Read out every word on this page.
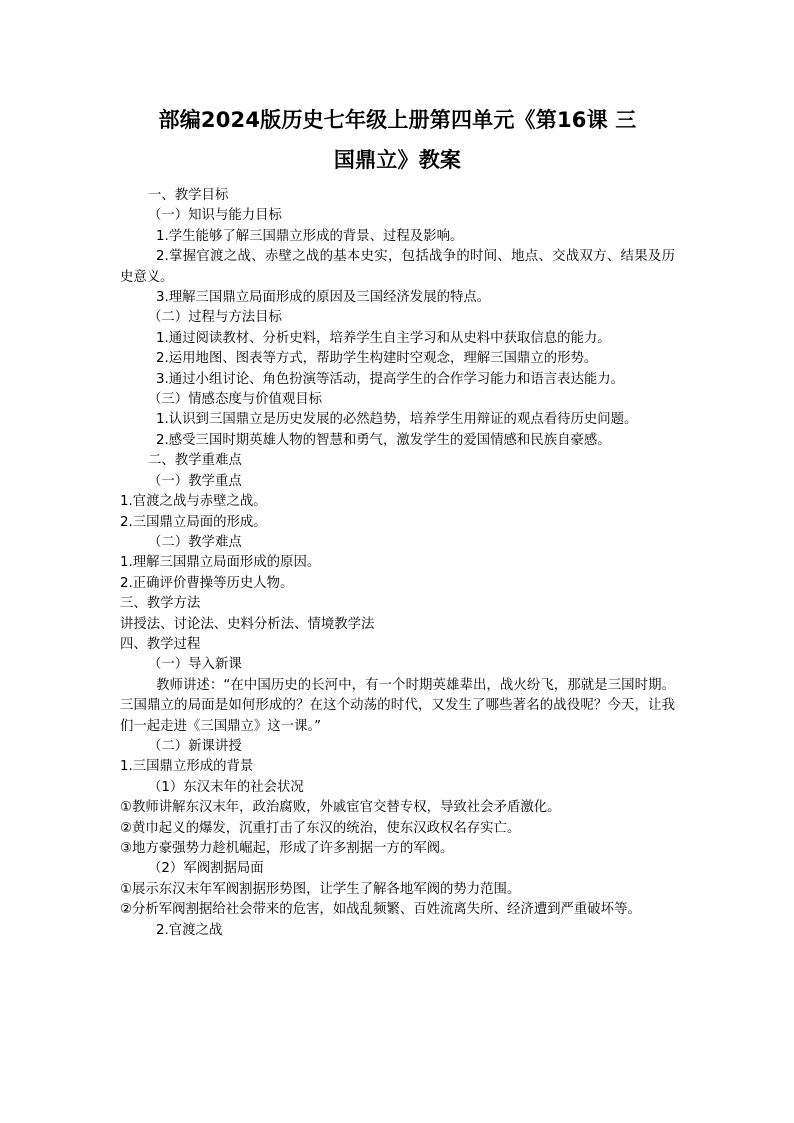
部编2024版历史七年级上册第四单元《第16课 三
国鼎立》教案

一、教学目标

（一）知识与能力目标

1.学生能够了解三国鼎立形成的背景、过程及影响。

2.掌握官渡之战、赤壁之战的基本史实，包括战争的时间、地点、交战双方、结果及历史意义。

3.理解三国鼎立局面形成的原因及三国经济发展的特点。

（二）过程与方法目标

1.通过阅读教材、分析史料，培养学生自主学习和从史料中获取信息的能力。

2.运用地图、图表等方式，帮助学生构建时空观念，理解三国鼎立的形势。

3.通过小组讨论、角色扮演等活动，提高学生的合作学习能力和语言表达能力。

（三）情感态度与价值观目标

1.认识到三国鼎立是历史发展的必然趋势，培养学生用辩证的观点看待历史问题。

2.感受三国时期英雄人物的智慧和勇气，激发学生的爱国情感和民族自豪感。

二、教学重难点

（一）教学重点

1.官渡之战与赤壁之战。

2.三国鼎立局面的形成。

（二）教学难点

1.理解三国鼎立局面形成的原因。

2.正确评价曹操等历史人物。

三、教学方法

讲授法、讨论法、史料分析法、情境教学法

四、教学过程

（一）导入新课

教师讲述：“在中国历史的长河中，有一个时期英雄辈出，战火纷飞，那就是三国时期。三国鼎立的局面是如何形成的？在这个动荡的时代，又发生了哪些著名的战役呢？今天，让我们一起走进《三国鼎立》这一课。”

（二）新课讲授

1.三国鼎立形成的背景

（1）东汉末年的社会状况

①教师讲解东汉末年，政治腐败，外戚宦官交替专权，导致社会矛盾激化。

②黄巾起义的爆发，沉重打击了东汉的统治，使东汉政权名存实亡。

③地方豪强势力趁机崛起，形成了许多割据一方的军阀。

（2）军阀割据局面

①展示东汉末年军阀割据形势图，让学生了解各地军阀的势力范围。

②分析军阀割据给社会带来的危害，如战乱频繁、百姓流离失所、经济遭到严重破坏等。

2.官渡之战
